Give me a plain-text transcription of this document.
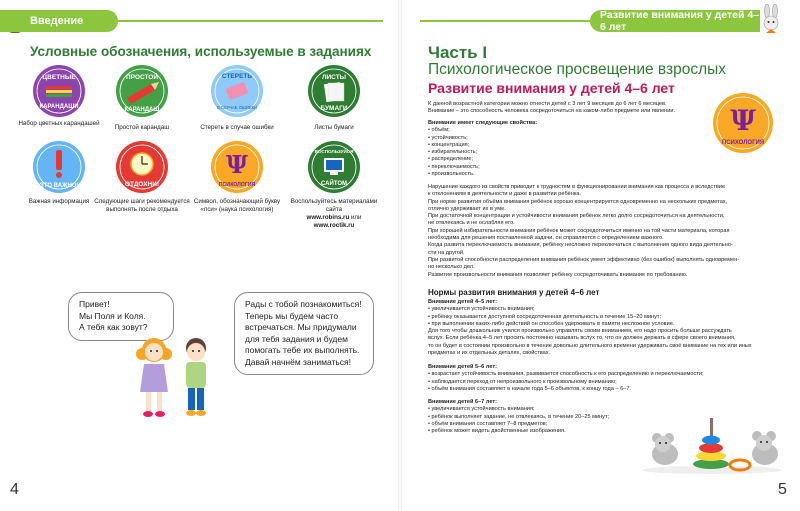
Введение	Развитие внимания у детей 4–6 лет
Условные обозначения, используемые в заданиях
ЦВЕТНЫЕ
КАРАНДАШИ
Набор цветных карандашей
ПРОСТОЙ
КАРАНДАШ
Простой карандаш
СТЕРЕТЬ
В СЛУЧАЕ ОШИБКИ
Стереть в случае ошибки
ЛИСТЫ
БУМАГИ
Листы бумаги
ЭТО ВАЖНО!
Важная информация
ОТДОХНИ!
Следующие шаги рекомендуется выполнять после отдыха
Ψ
ПСИХОЛОГИЯ
Символ, обозначающий букву «пси» (наука психология)
ВОСПОЛЬЗУЙСЯ
САЙТОМ
Воспользуйтесь материалами сайта
www.robins.ru или
www.roctik.ru
Привет!
Мы Поля и Коля.
А тебя как зовут?
Рады с тобой познакомиться!
Теперь мы будем часто
встречаться. Мы придумали
для тебя задания и будем
помогать тебе их выполнять.
Давай начнём заниматься!
4
Часть I
Психологическое просвещение взрослых
Развитие внимания у детей 4–6 лет
Ψ
ПСИХОЛОГИЯ
К данной возрастной категории можно отнести детей с 3 лет 9 месяцев до 6 лет 6 месяцев.
Внимание – это способность человека сосредоточиться на каком-либо предмете или явлении.
Внимание имеет следующие свойства:
• объём;
• устойчивость;
• концентрация;
• избирательность;
• распределение;
• переключаемость;
• произвольность.
Нарушение каждого из свойств приводит к трудностям в функционировании внимания как процесса и вследствие
к отклонениям в деятельности и даже в развитии ребёнка.
При норме развития объёма внимания ребёнок хорошо концентрируется одновременно на нескольких предметах,
отлично удерживает их в уме.
При достаточной концентрации и устойчивости внимания ребёнок легко долго сосредоточиться на деятельности,
не отвлекаясь и не ослабляя его.
При хорошей избирательности внимания ребёнок может сосредоточиться именно на той части материала, которая
необходима для решения поставленной задачи, он справляется с определением важного.
Когда развита переключаемость внимания, ребёнку несложно переключаться с выполнения одного вида деятельно-
сти на другой.
При развитой способности распределения внимания ребёнок умеет эффективно (без ошибок) выполнять одновремен-
но несколько дел.
Развитие произвольности внимания позволяет ребёнку сосредоточивать внимание по требованию.
Нормы развития внимания у детей 4–6 лет
Внимание детей 4–5 лет:
• увеличивается устойчивость внимания;
• ребёнку оказывается доступной сосредоточенная деятельность в течение 15–20 минут;
• при выполнении каких-либо действий он способен удерживать в памяти несложное условие.
Для того чтобы дошкольник учился произвольно управлять своим вниманием, его надо просить больше рассуждать
вслух. Если ребёнка 4–5 лет просить постоянно называть вслух то, что он должен держать в сфере своего внимания,
то он будет в состоянии произвольно в течение довольно длительного времени удерживать своё внимание на тех или иных
предметах и их отдельных деталях, свойствах.
Внимание детей 5–6 лет:
• возрастает устойчивость внимания, развивается способность к его распределению и переключаемости;
• наблюдается переход от непроизвольного к произвольному вниманию;
• объём внимания составляет в начале года 5–6 объектов, к концу года – 6–7.
Внимание детей 6–7 лет:
• увеличивается устойчивость внимания;
• ребёнок выполняет задание, не отвлекаясь, в течение 20–25 минут;
• объём внимания составляет 7–8 предметов;
• ребёнок может видеть двойственные изображения.
5
